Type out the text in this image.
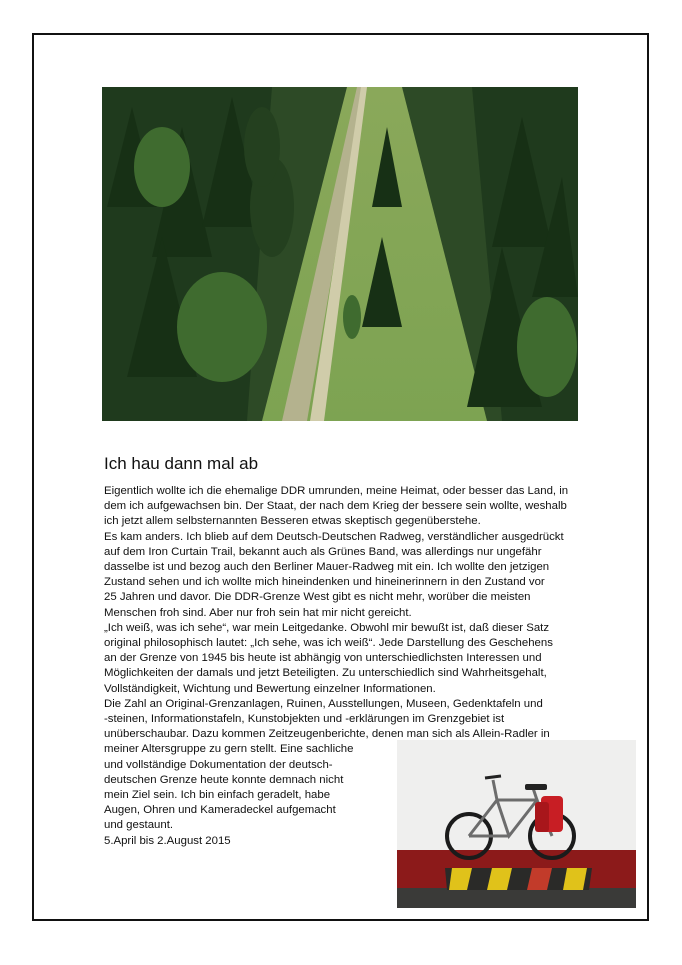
Ich hau dann mal ab

Eigentlich wollte ich die ehemalige DDR umrunden, meine Heimat, oder besser das Land, in

dem ich aufgewachsen bin. Der Staat, der nach dem Krieg der bessere sein wollte, weshalb

ich jetzt allem selbsternannten Besseren etwas skeptisch gegenüberstehe.

Es kam anders. Ich blieb auf dem Deutsch-Deutschen Radweg, verständlicher ausgedrückt

auf dem Iron Curtain Trail, bekannt auch als Grünes Band, was allerdings nur ungefähr

dasselbe ist und bezog auch den Berliner Mauer-Radweg mit ein. Ich wollte den jetzigen

Zustand sehen und ich wollte mich hineindenken und hineinerinnern in den Zustand vor

25 Jahren und davor. Die DDR-Grenze West gibt es nicht mehr, worüber die meisten

Menschen froh sind. Aber nur froh sein hat mir nicht gereicht.

„Ich weiß, was ich sehe“, war mein Leitgedanke. Obwohl mir bewußt ist, daß dieser Satz

original philosophisch lautet: „Ich sehe, was ich weiß“. Jede Darstellung des Geschehens

an der Grenze von 1945 bis heute ist abhängig von unterschiedlichsten Interessen und

Möglichkeiten der damals und jetzt Beteiligten. Zu unterschiedlich sind Wahrheitsgehalt,

Vollständigkeit, Wichtung und Bewertung einzelner Informationen.

Die Zahl an Original-Grenzanlagen, Ruinen, Ausstellungen, Museen, Gedenktafeln und

-steinen, Informationstafeln, Kunstobjekten und -erklärungen im Grenzgebiet ist

unüberschaubar. Dazu kommen Zeitzeugenberichte, denen man sich als Allein-Radler in

meiner Altersgruppe zu gern stellt. Eine sachliche

und vollständige Dokumentation der deutsch-

deutschen Grenze heute konnte demnach nicht

mein Ziel sein. Ich bin einfach geradelt, habe

Augen, Ohren und Kameradeckel aufgemacht

und gestaunt.

5.April bis 2.August 2015
